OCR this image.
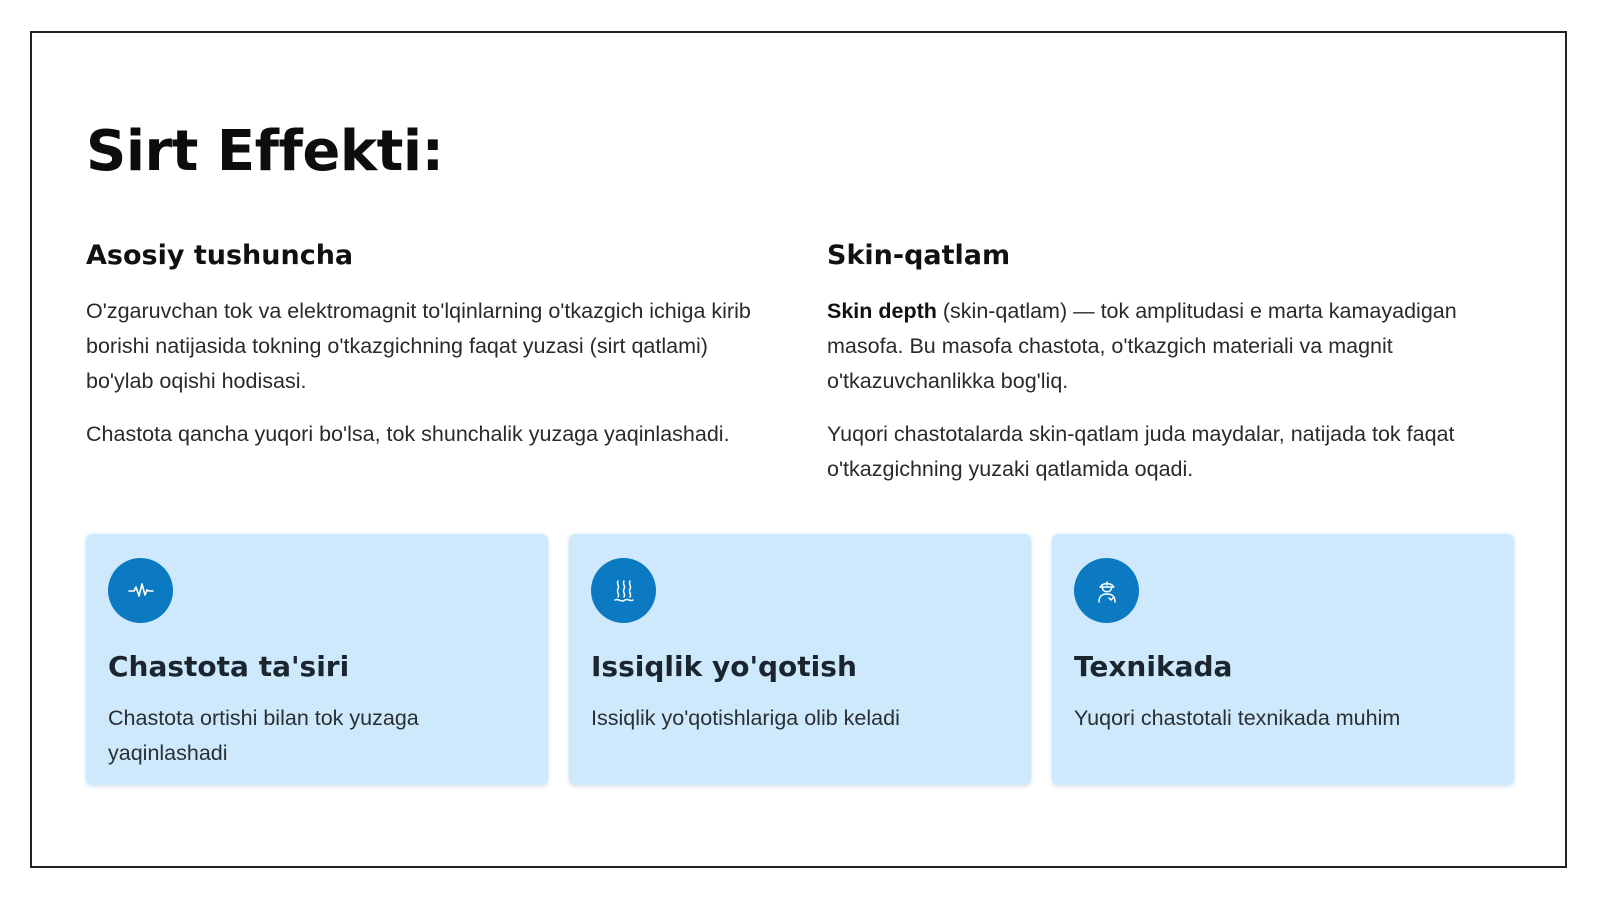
Sirt Effekti:
Asosiy tushuncha

O'zgaruvchan tok va elektromagnit to'lqinlarning o'tkazgich ichiga kirib borishi natijasida tokning o'tkazgichning faqat yuzasi (sirt qatlami) bo'ylab oqishi hodisasi.

Chastota qancha yuqori bo'lsa, tok shunchalik yuzaga yaqinlashadi.

Skin-qatlam

Skin depth (skin-qatlam) — tok amplitudasi e marta kamayadigan masofa. Bu masofa chastota, o'tkazgich materiali va magnit o'tkazuvchanlikka bog'liq.

Yuqori chastotalarda skin-qatlam juda maydalar, natijada tok faqat o'tkazgichning yuzaki qatlamida oqadi.

Chastota ta'siri

Chastota ortishi bilan tok yuzaga yaqinlashadi

Issiqlik yo'qotish

Issiqlik yo'qotishlariga olib keladi

Texnikada

Yuqori chastotali texnikada muhim
